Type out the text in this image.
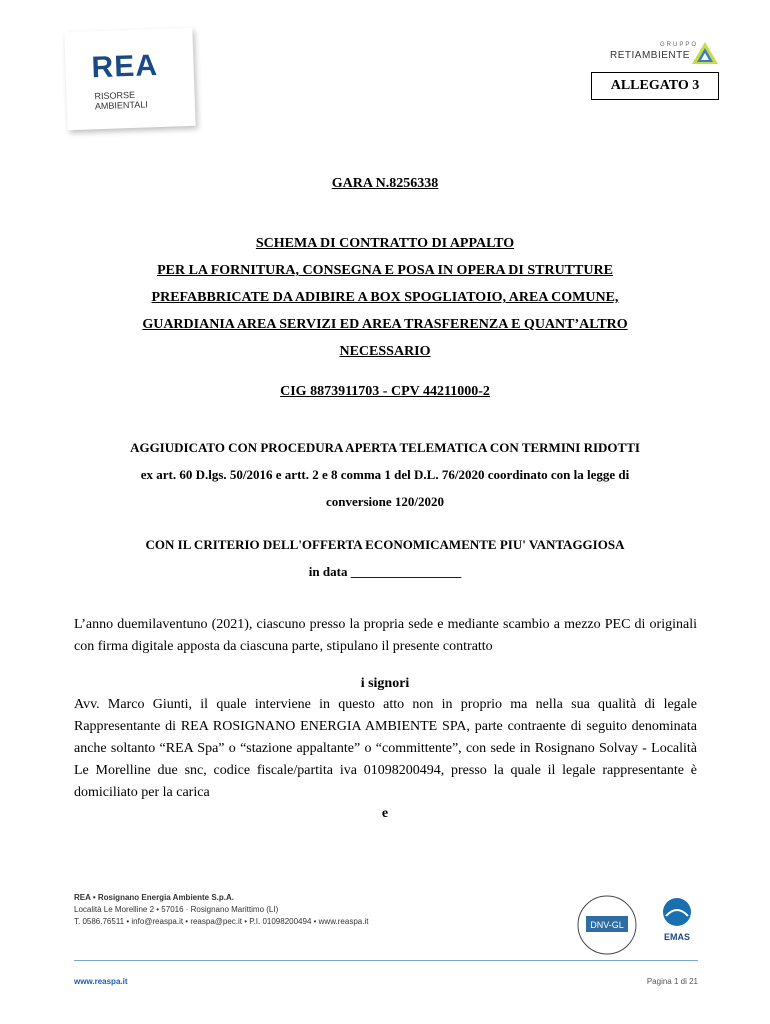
REA
RISORSE
AMBIENTALI
GRUPPO
RETIAMBIENTE
ALLEGATO 3
GARA N.8256338
SCHEMA DI CONTRATTO DI APPALTO
PER LA FORNITURA, CONSEGNA E POSA IN OPERA DI STRUTTURE
PREFABBRICATE DA ADIBIRE A BOX SPOGLIATOIO, AREA COMUNE,
GUARDIANIA AREA SERVIZI ED AREA TRASFERENZA E QUANT’ALTRO
NECESSARIO
CIG 8873911703 - CPV 44211000-2
AGGIUDICATO CON PROCEDURA APERTA TELEMATICA CON TERMINI RIDOTTI
ex art. 60 D.lgs. 50/2016 e artt. 2 e 8 comma 1 del D.L. 76/2020 coordinato con la legge di
conversione 120/2020
CON IL CRITERIO DELL'OFFERTA ECONOMICAMENTE PIU' VANTAGGIOSA
in data _________________
L’anno duemilaventuno (2021), ciascuno presso la propria sede e mediante scambio a mezzo PEC di originali con firma digitale apposta da ciascuna parte, stipulano il presente contratto
i signori
Avv. Marco Giunti, il quale interviene in questo atto non in proprio ma nella sua qualità di legale Rappresentante di REA ROSIGNANO ENERGIA AMBIENTE SPA, parte contraente di seguito denominata anche soltanto “REA Spa” o “stazione appaltante” o “committente”, con sede in Rosignano Solvay - Località Le Morelline due snc, codice fiscale/partita iva 01098200494, presso la quale il legale rappresentante è domiciliato per la carica
e
REA • Rosignano Energia Ambiente S.p.A.
Località Le Morelline 2 • 57016 · Rosignano Marittimo (LI)
T. 0586.76511 • info@reaspa.it • reaspa@pec.it • P.I. 01098200494 • www.reaspa.it	DNV-GL
EMAS
www.reaspa.it	Pagina 1 di 21
